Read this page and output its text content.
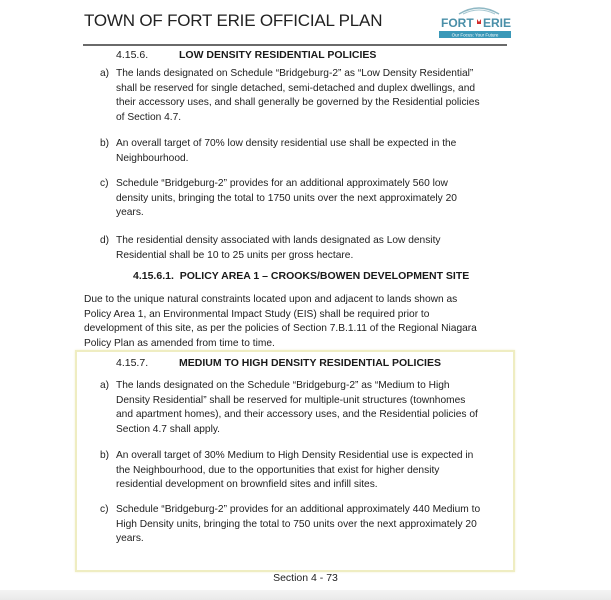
TOWN OF FORT ERIE OFFICIAL PLAN	FORT ERIE
Our Focus: Your Future
4.15.6.	LOW DENSITY RESIDENTIAL POLICIES
a) The lands designated on Schedule “Bridgeburg-2” as “Low Density Residential”
shall be reserved for single detached, semi-detached and duplex dwellings, and
their accessory uses, and shall generally be governed by the Residential policies
of Section 4.7.
b) An overall target of 70% low density residential use shall be expected in the
Neighbourhood.
c) Schedule “Bridgeburg-2” provides for an additional approximately 560 low
density units, bringing the total to 1750 units over the next approximately 20
years.
d) The residential density associated with lands designated as Low density
Residential shall be 10 to 25 units per gross hectare.
4.15.6.1.  POLICY AREA 1 – CROOKS/BOWEN DEVELOPMENT SITE
Due to the unique natural constraints located upon and adjacent to lands shown as
Policy Area 1, an Environmental Impact Study (EIS) shall be required prior to
development of this site, as per the policies of Section 7.B.1.11 of the Regional Niagara
Policy Plan as amended from time to time.
4.15.7.	MEDIUM TO HIGH DENSITY RESIDENTIAL POLICIES
a) The lands designated on the Schedule “Bridgeburg-2” as “Medium to High
Density Residential” shall be reserved for multiple-unit structures (townhomes
and apartment homes), and their accessory uses, and the Residential policies of
Section 4.7 shall apply.
b) An overall target of 30% Medium to High Density Residential use is expected in
the Neighbourhood, due to the opportunities that exist for higher density
residential development on brownfield sites and infill sites.
c) Schedule “Bridgeburg-2” provides for an additional approximately 440 Medium to
High Density units, bringing the total to 750 units over the next approximately 20
years.
Section 4 - 73
